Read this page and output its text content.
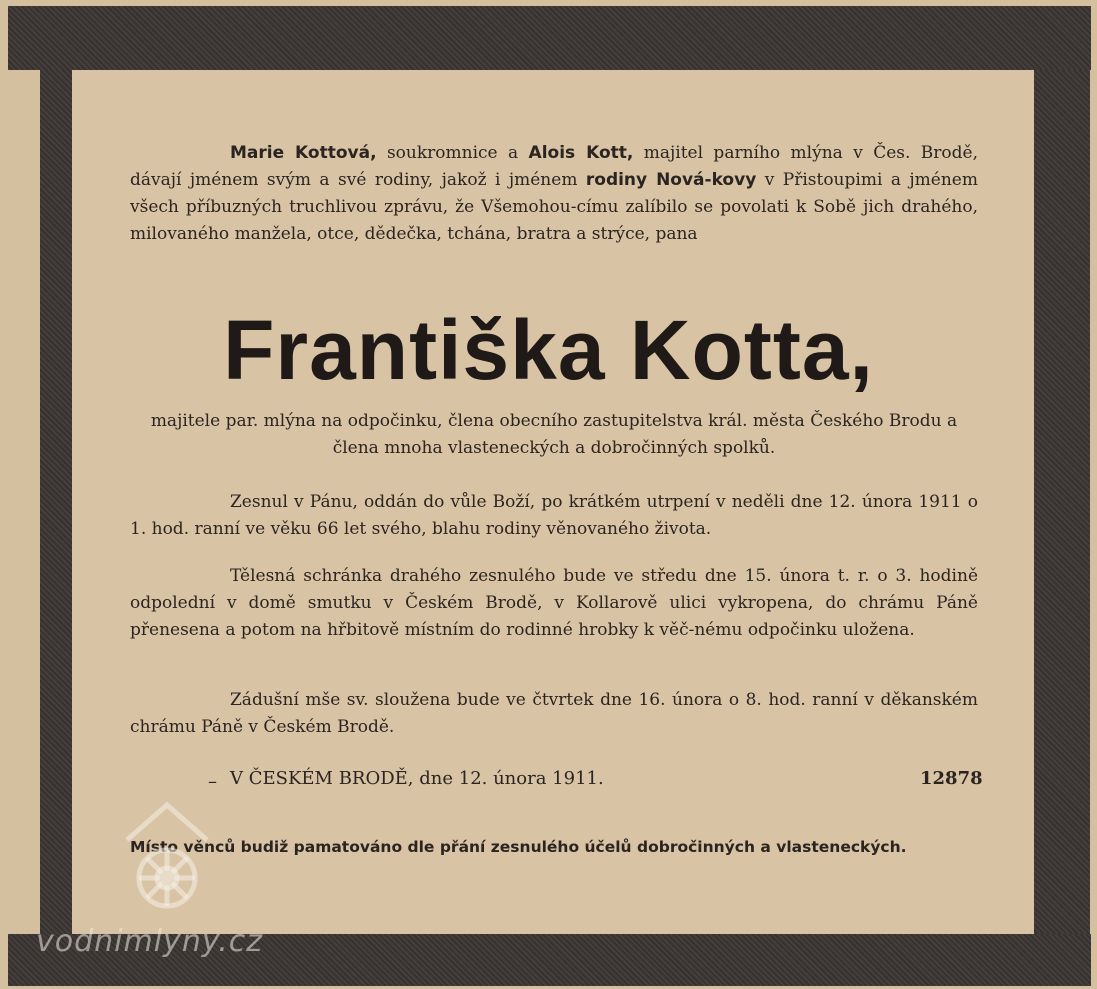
Marie Kottová, soukromnice a Alois Kott, majitel parního mlýna v Čes. Brodě, dávají jménem svým a své rodiny, jakož i jménem rodiny Nová-kovy v Přistoupimi a jménem všech příbuzných truchlivou zprávu, že Všemohou-címu zalíbilo se povolati k Sobě jich drahého, milovaného manžela, otce, dědečka, tchána, bratra a strýce, pana
Františka Kotta,
majitele par. mlýna na odpočinku, člena obecního zastupitelstva král. města Českého Brodu a člena mnoha vlasteneckých a dobročinných spolků.
Zesnul v Pánu, oddán do vůle Boží, po krátkém utrpení v neděli dne 12. února 1911 o 1. hod. ranní ve věku 66 let svého, blahu rodiny věnovaného života.
Tělesná schránka drahého zesnulého bude ve středu dne 15. února t. r. o 3. hodině odpolední v domě smutku v Českém Brodě, v Kollarově ulici vykropena, do chrámu Páně přenesena a potom na hřbitově místním do rodinné hrobky k věč-nému odpočinku uložena.
Zádušní mše sv. sloužena bude ve čtvrtek dne 16. února o 8. hod. ranní v děkanském chrámu Páně v Českém Brodě.
– V ČESKÉM BRODĚ, dne 12. února 1911.	12878
Místo věnců budiž pamatováno dle přání zesnulého účelů dobročinných a vlasteneckých.
vodnimlyny.cz
